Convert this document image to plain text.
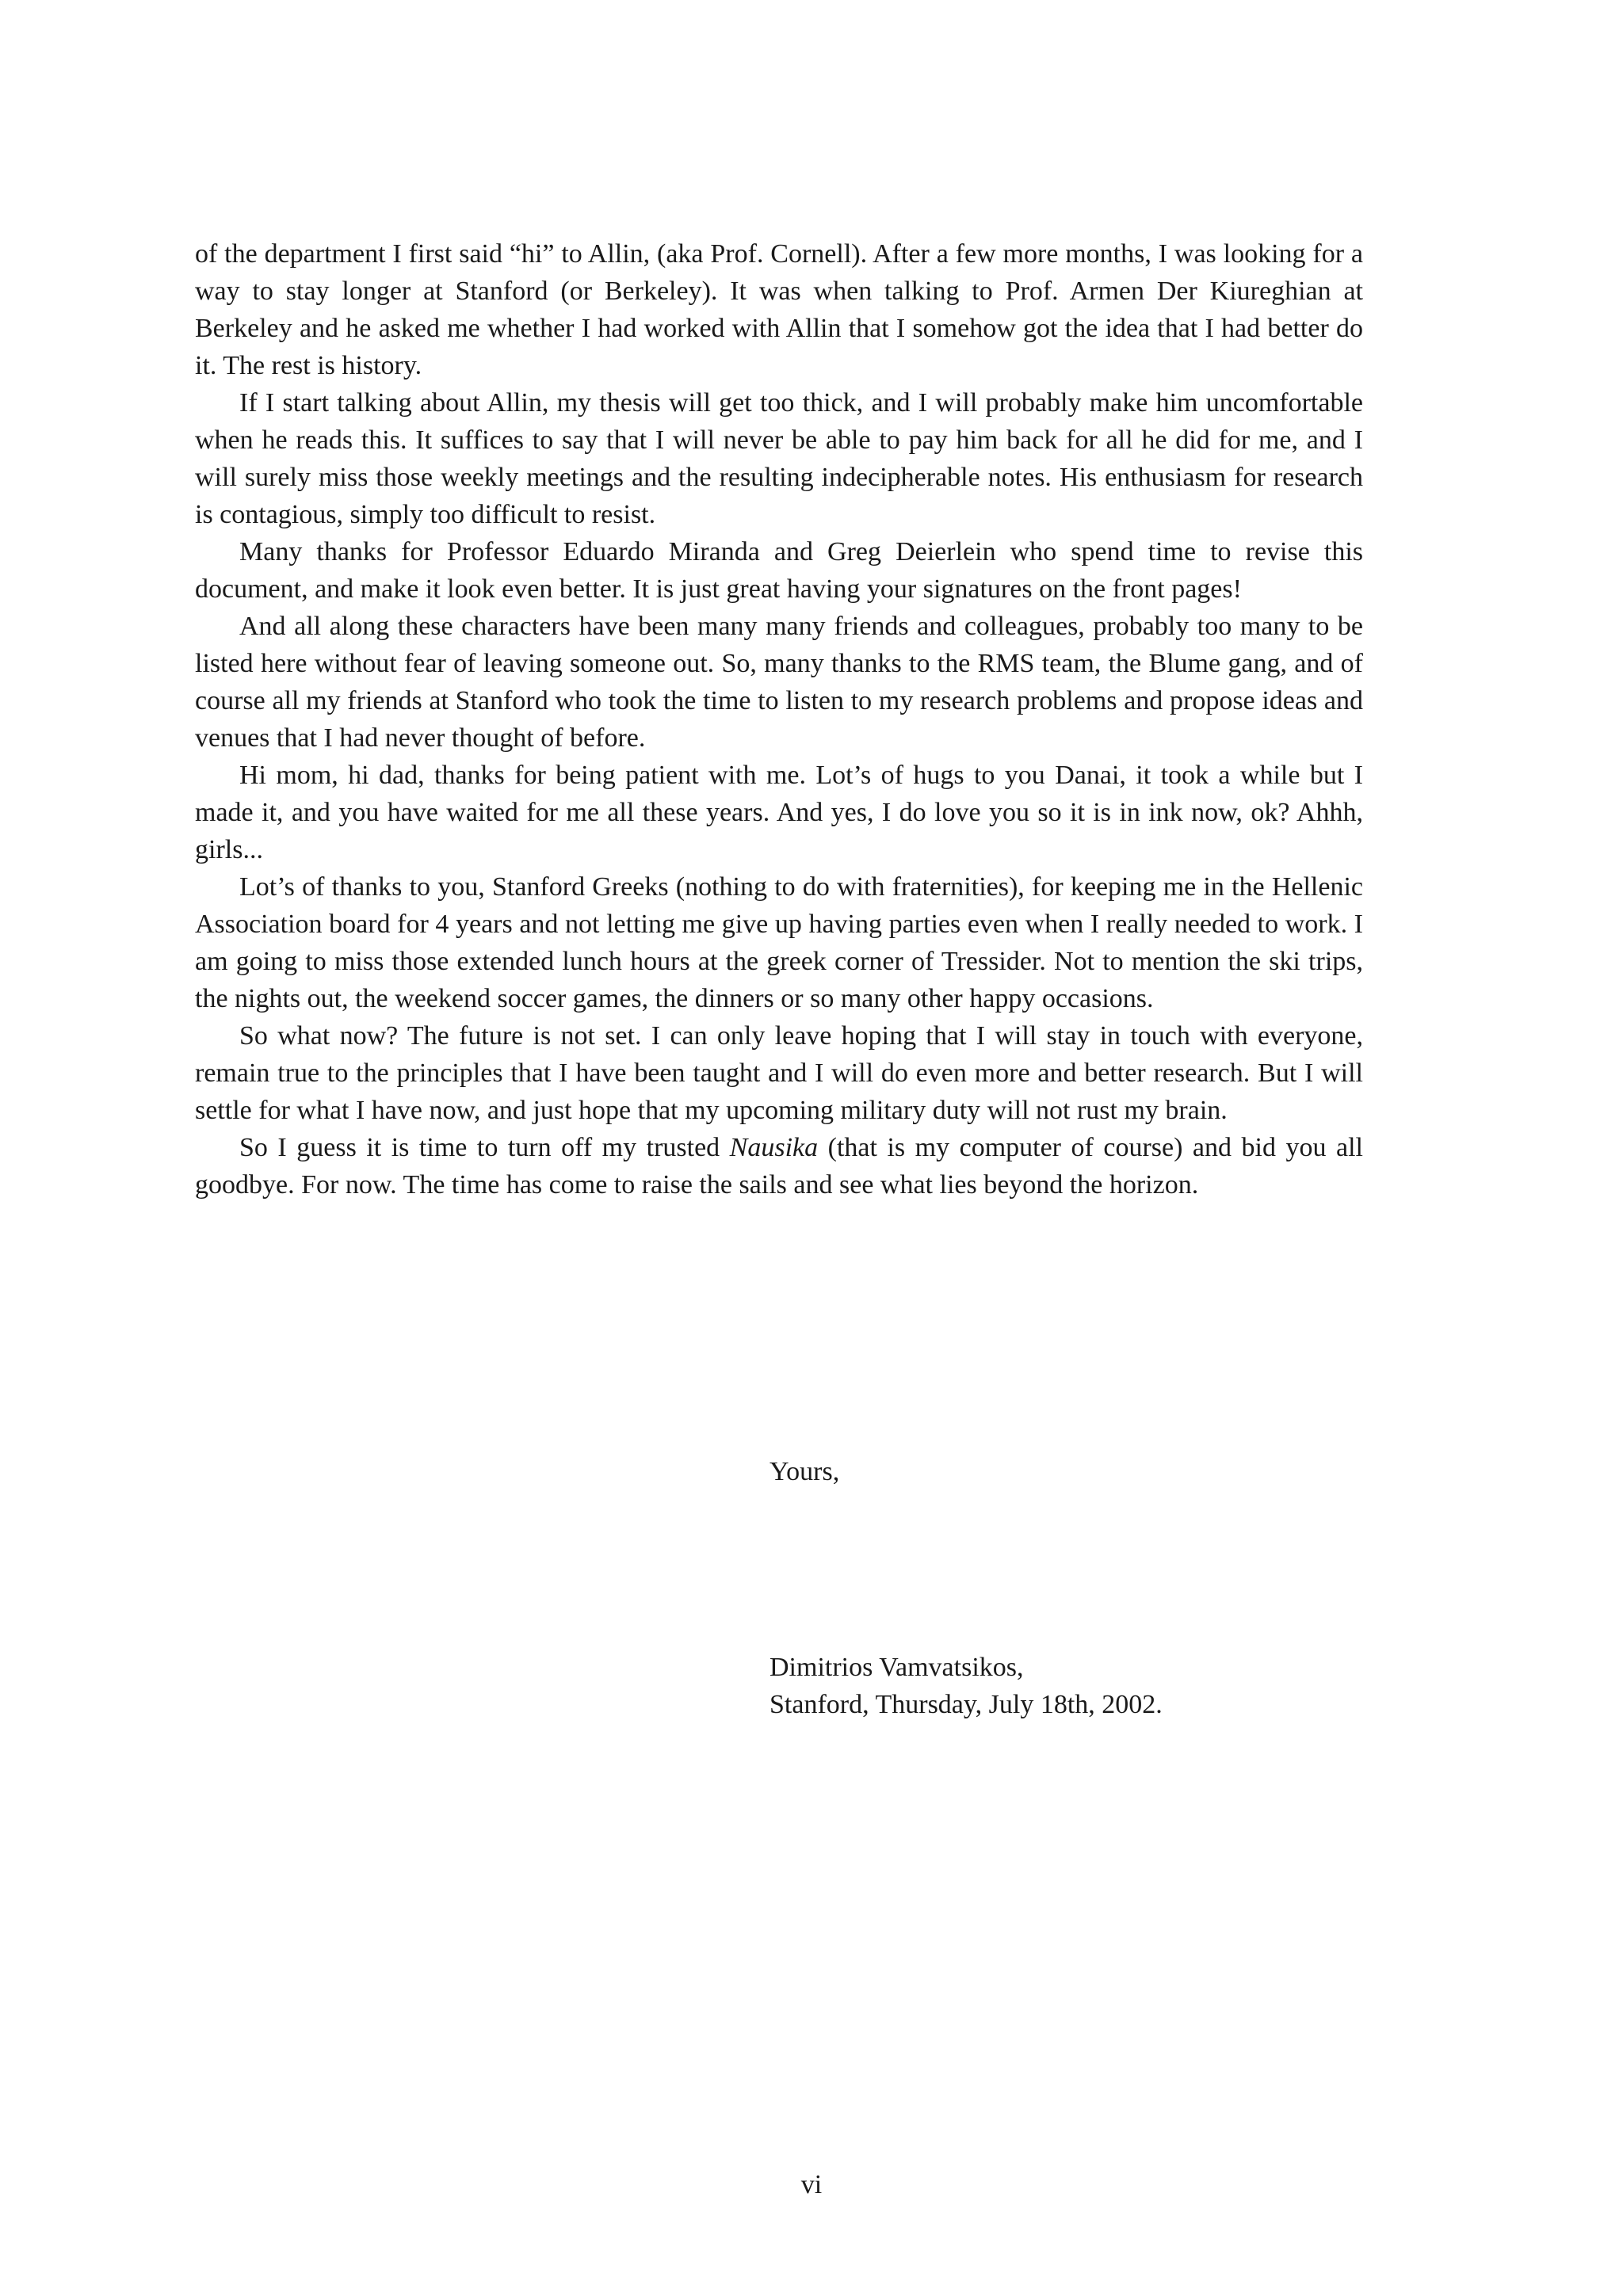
of the department I first said “hi” to Allin, (aka Prof. Cornell). After a few more months, I was looking for a way to stay longer at Stanford (or Berkeley). It was when talking to Prof. Armen Der Kiureghian at Berkeley and he asked me whether I had worked with Allin that I somehow got the idea that I had better do it. The rest is history.

If I start talking about Allin, my thesis will get too thick, and I will probably make him uncomfortable when he reads this. It suffices to say that I will never be able to pay him back for all he did for me, and I will surely miss those weekly meetings and the resulting indecipherable notes. His enthusiasm for research is contagious, simply too difficult to resist.

Many thanks for Professor Eduardo Miranda and Greg Deierlein who spend time to revise this document, and make it look even better. It is just great having your signatures on the front pages!

And all along these characters have been many many friends and colleagues, probably too many to be listed here without fear of leaving someone out. So, many thanks to the RMS team, the Blume gang, and of course all my friends at Stanford who took the time to listen to my research problems and propose ideas and venues that I had never thought of before.

Hi mom, hi dad, thanks for being patient with me. Lot’s of hugs to you Danai, it took a while but I made it, and you have waited for me all these years. And yes, I do love you so it is in ink now, ok? Ahhh, girls...

Lot’s of thanks to you, Stanford Greeks (nothing to do with fraternities), for keeping me in the Hellenic Association board for 4 years and not letting me give up having parties even when I really needed to work. I am going to miss those extended lunch hours at the greek corner of Tressider. Not to mention the ski trips, the nights out, the weekend soccer games, the dinners or so many other happy occasions.

So what now? The future is not set. I can only leave hoping that I will stay in touch with everyone, remain true to the principles that I have been taught and I will do even more and better research. But I will settle for what I have now, and just hope that my upcoming military duty will not rust my brain.

So I guess it is time to turn off my trusted Nausika (that is my computer of course) and bid you all goodbye. For now. The time has come to raise the sails and see what lies beyond the horizon.

Yours,
Dimitrios Vamvatsikos,
Stanford, Thursday, July 18th, 2002.
vi
